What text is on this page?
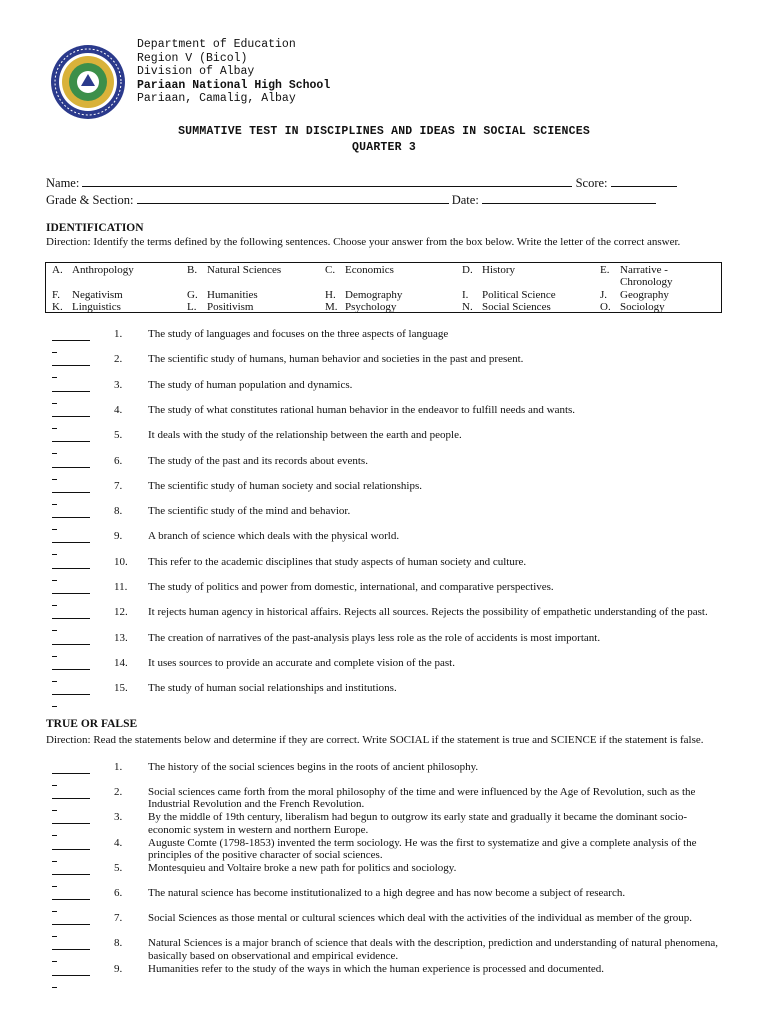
Department of Education
Region V (Bicol)
Division of Albay
Pariaan National High School
Pariaan, Camalig, Albay
SUMMATIVE TEST IN DISCIPLINES AND IDEAS IN SOCIAL SCIENCES
QUARTER 3
Name:	Score:
Grade & Section:	Date:
IDENTIFICATION
Direction: Identify the terms defined by the following sentences. Choose your answer from the box below. Write the letter of the correct answer.
A. Anthropology	B. Natural Sciences	C. Economics	D. History	E. Narrative -
Chronology
F. Negativism	G. Humanities	H. Demography	I. Political Science	J. Geography
K. Linguistics	L. Positivism	M. Psychology	N. Social Sciences	O. Sociology
1. The study of languages and focuses on the three aspects of language
2. The scientific study of humans, human behavior and societies in the past and present.
3. The study of human population and dynamics.
4. The study of what constitutes rational human behavior in the endeavor to fulfill needs and wants.
5. It deals with the study of the relationship between the earth and people.
6. The study of the past and its records about events.
7. The scientific study of human society and social relationships.
8. The scientific study of the mind and behavior.
9. A branch of science which deals with the physical world.
10. This refer to the academic disciplines that study aspects of human society and culture.
11. The study of politics and power from domestic, international, and comparative perspectives.
12. It rejects human agency in historical affairs. Rejects all sources. Rejects the possibility of empathetic understanding of the past.
13. The creation of narratives of the past-analysis plays less role as the role of accidents is most important.
14. It uses sources to provide an accurate and complete vision of the past.
15. The study of human social relationships and institutions.
TRUE OR FALSE
Direction: Read the statements below and determine if they are correct. Write SOCIAL if the statement is true and SCIENCE if the statement is false.
1. The history of the social sciences begins in the roots of ancient philosophy.
2. Social sciences came forth from the moral philosophy of the time and were influenced by the Age of Revolution, such as the Industrial Revolution and the French Revolution.
3. By the middle of 19th century, liberalism had begun to outgrow its early state and gradually it became the dominant socio-economic system in western and northern Europe.
4. Auguste Comte (1798-1853) invented the term sociology. He was the first to systematize and give a complete analysis of the principles of the positive character of social sciences.
5. Montesquieu and Voltaire broke a new path for politics and sociology.
6. The natural science has become institutionalized to a high degree and has now become a subject of research.
7. Social Sciences as those mental or cultural sciences which deal with the activities of the individual as member of the group.
8. Natural Sciences is a major branch of science that deals with the description, prediction and understanding of natural phenomena, basically based on observational and empirical evidence.
9. Humanities refer to the study of the ways in which the human experience is processed and documented.
